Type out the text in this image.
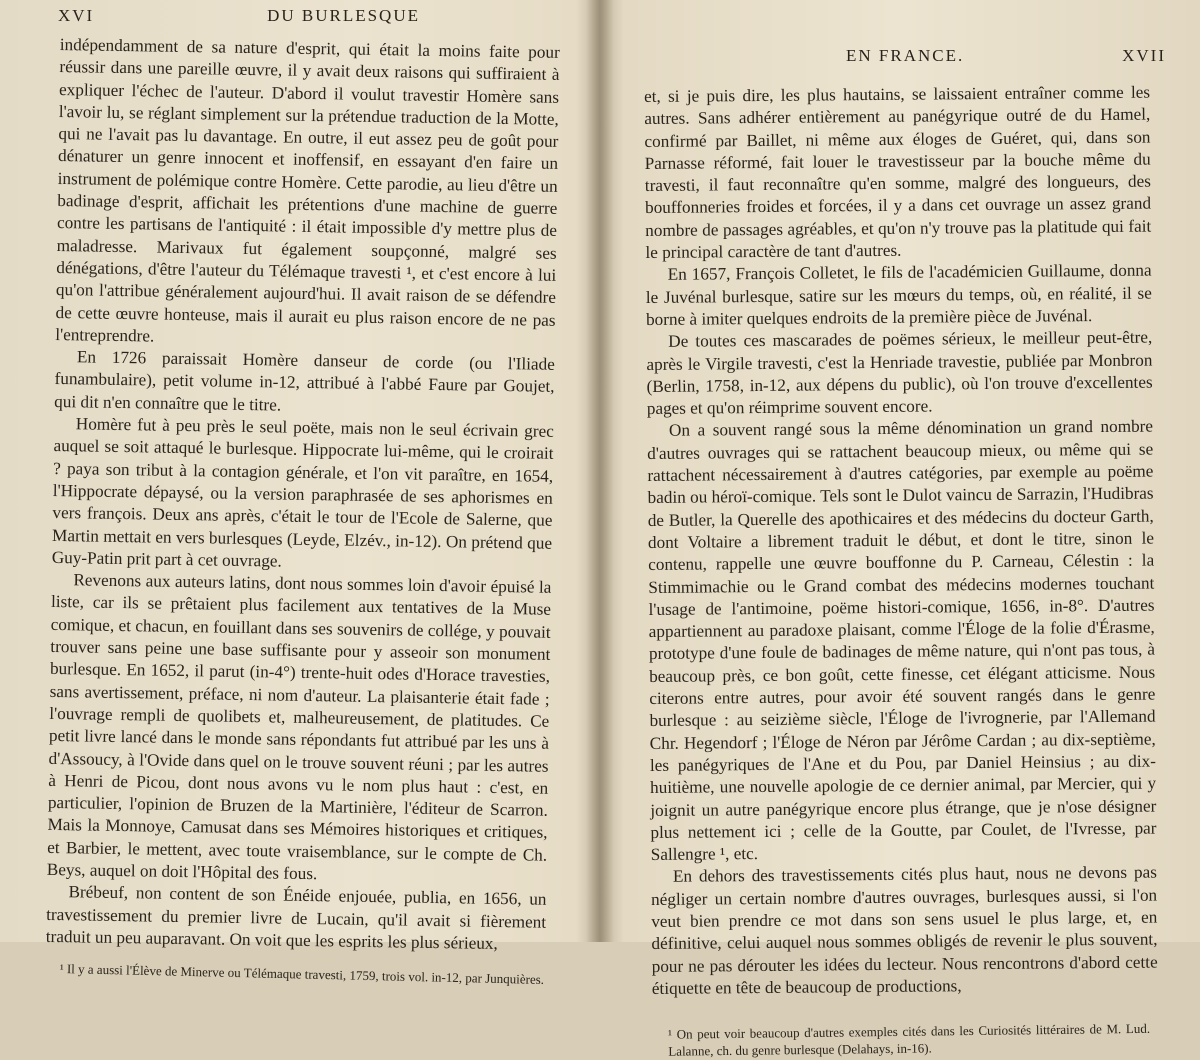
XVI	DU BURLESQUE

indépendamment de sa nature d'esprit, qui était la moins faite pour réussir dans une pareille œuvre, il y avait deux raisons qui suffiraient à expliquer l'échec de l'auteur. D'abord il voulut travestir Homère sans l'avoir lu, se réglant simplement sur la prétendue traduction de la Motte, qui ne l'avait pas lu davantage. En outre, il eut assez peu de goût pour dénaturer un genre innocent et inoffensif, en essayant d'en faire un instrument de polémique contre Homère. Cette parodie, au lieu d'être un badinage d'esprit, affichait les prétentions d'une machine de guerre contre les partisans de l'antiquité : il était impossible d'y mettre plus de maladresse. Marivaux fut également soupçonné, malgré ses dénégations, d'être l'auteur du Télémaque travesti ¹, et c'est encore à lui qu'on l'attribue généralement aujourd'hui. Il avait raison de se défendre de cette œuvre honteuse, mais il aurait eu plus raison encore de ne pas l'entreprendre.

En 1726 paraissait Homère danseur de corde (ou l'Iliade funambulaire), petit volume in-12, attribué à l'abbé Faure par Goujet, qui dit n'en connaître que le titre.

Homère fut à peu près le seul poëte, mais non le seul écrivain grec auquel se soit attaqué le burlesque. Hippocrate lui-même, qui le croirait ? paya son tribut à la contagion générale, et l'on vit paraître, en 1654, l'Hippocrate dépaysé, ou la version paraphrasée de ses aphorismes en vers françois. Deux ans après, c'était le tour de l'Ecole de Salerne, que Martin mettait en vers burlesques (Leyde, Elzév., in-12). On prétend que Guy-Patin prit part à cet ouvrage.

Revenons aux auteurs latins, dont nous sommes loin d'avoir épuisé la liste, car ils se prêtaient plus facilement aux tentatives de la Muse comique, et chacun, en fouillant dans ses souvenirs de collége, y pouvait trouver sans peine une base suffisante pour y asseoir son monument burlesque. En 1652, il parut (in-4°) trente-huit odes d'Horace travesties, sans avertissement, préface, ni nom d'auteur. La plaisanterie était fade ; l'ouvrage rempli de quolibets et, malheureusement, de platitudes. Ce petit livre lancé dans le monde sans répondants fut attribué par les uns à d'Assoucy, à l'Ovide dans quel on le trouve souvent réuni ; par les autres à Henri de Picou, dont nous avons vu le nom plus haut : c'est, en particulier, l'opinion de Bruzen de la Martinière, l'éditeur de Scarron. Mais la Monnoye, Camusat dans ses Mémoires historiques et critiques, et Barbier, le mettent, avec toute vraisemblance, sur le compte de Ch. Beys, auquel on doit l'Hôpital des fous.

Brébeuf, non content de son Énéide enjouée, publia, en 1656, un travestissement du premier livre de Lucain, qu'il avait si fièrement traduit un peu auparavant. On voit que les esprits les plus sérieux,

¹ Il y a aussi l'Élève de Minerve ou Télémaque travesti, 1759, trois vol. in-12, par Junquières.
EN FRANCE.	XVII

et, si je puis dire, les plus hautains, se laissaient entraîner comme les autres. Sans adhérer entièrement au panégyrique outré de du Hamel, confirmé par Baillet, ni même aux éloges de Guéret, qui, dans son Parnasse réformé, fait louer le travestisseur par la bouche même du travesti, il faut reconnaître qu'en somme, malgré des longueurs, des bouffonneries froides et forcées, il y a dans cet ouvrage un assez grand nombre de passages agréables, et qu'on n'y trouve pas la platitude qui fait le principal caractère de tant d'autres.

En 1657, François Colletet, le fils de l'académicien Guillaume, donna le Juvénal burlesque, satire sur les mœurs du temps, où, en réalité, il se borne à imiter quelques endroits de la première pièce de Juvénal.

De toutes ces mascarades de poëmes sérieux, le meilleur peut-être, après le Virgile travesti, c'est la Henriade travestie, publiée par Monbron (Berlin, 1758, in-12, aux dépens du public), où l'on trouve d'excellentes pages et qu'on réimprime souvent encore.

On a souvent rangé sous la même dénomination un grand nombre d'autres ouvrages qui se rattachent beaucoup mieux, ou même qui se rattachent nécessairement à d'autres catégories, par exemple au poëme badin ou héroï-comique. Tels sont le Dulot vaincu de Sarrazin, l'Hudibras de Butler, la Querelle des apothicaires et des médecins du docteur Garth, dont Voltaire a librement traduit le début, et dont le titre, sinon le contenu, rappelle une œuvre bouffonne du P. Carneau, Célestin : la Stimmimachie ou le Grand combat des médecins modernes touchant l'usage de l'antimoine, poëme histori-comique, 1656, in-8°. D'autres appartiennent au paradoxe plaisant, comme l'Éloge de la folie d'Érasme, prototype d'une foule de badinages de même nature, qui n'ont pas tous, à beaucoup près, ce bon goût, cette finesse, cet élégant atticisme. Nous citerons entre autres, pour avoir été souvent rangés dans le genre burlesque : au seizième siècle, l'Éloge de l'ivrognerie, par l'Allemand Chr. Hegendorf ; l'Éloge de Néron par Jérôme Cardan ; au dix-septième, les panégyriques de l'Ane et du Pou, par Daniel Heinsius ; au dix-huitième, une nouvelle apologie de ce dernier animal, par Mercier, qui y joignit un autre panégyrique encore plus étrange, que je n'ose désigner plus nettement ici ; celle de la Goutte, par Coulet, de l'Ivresse, par Sallengre ¹, etc.

En dehors des travestissements cités plus haut, nous ne devons pas négliger un certain nombre d'autres ouvrages, burlesques aussi, si l'on veut bien prendre ce mot dans son sens usuel le plus large, et, en définitive, celui auquel nous sommes obligés de revenir le plus souvent, pour ne pas dérouter les idées du lecteur. Nous rencontrons d'abord cette étiquette en tête de beaucoup de productions,

¹ On peut voir beaucoup d'autres exemples cités dans les Curiosités littéraires de M. Lud. Lalanne, ch. du genre burlesque (Delahays, in-16).
